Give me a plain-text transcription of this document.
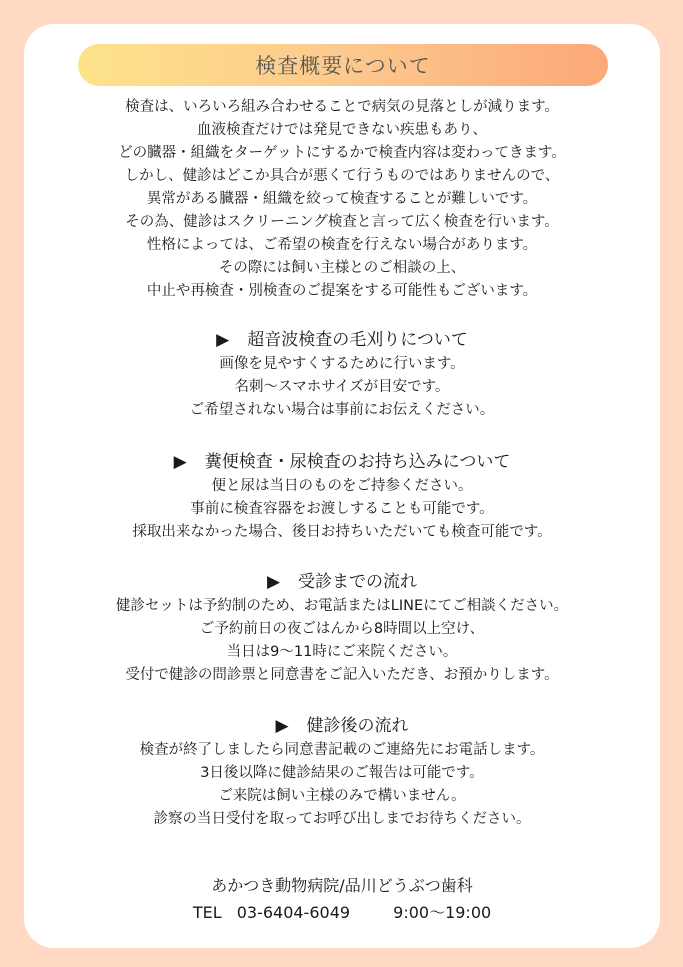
検査概要について
検査は、いろいろ組み合わせることで病気の見落としが減ります。
血液検査だけでは発見できない疾患もあり、
どの臓器・組織をターゲットにするかで検査内容は変わってきます。
しかし、健診はどこか具合が悪くて行うものではありませんので、
異常がある臓器・組織を絞って検査することが難しいです。
その為、健診はスクリーニング検査と言って広く検査を行います。
性格によっては、ご希望の検査を行えない場合があります。
その際には飼い主様とのご相談の上、
中止や再検査・別検査のご提案をする可能性もございます。
▶ 超音波検査の毛刈りについて
画像を見やすくするために行います。
名刺～スマホサイズが目安です。
ご希望されない場合は事前にお伝えください。
▶ 糞便検査・尿検査のお持ち込みについて
便と尿は当日のものをご持参ください。
事前に検査容器をお渡しすることも可能です。
採取出来なかった場合、後日お持ちいただいても検査可能です。
▶ 受診までの流れ
健診セットは予約制のため、お電話またはLINEにてご相談ください。
ご予約前日の夜ごはんから8時間以上空け、
当日は9～11時にご来院ください。
受付で健診の問診票と同意書をご記入いただき、お預かりします。
▶ 健診後の流れ
検査が終了しましたら同意書記載のご連絡先にお電話します。
3日後以降に健診結果のご報告は可能です。
ご来院は飼い主様のみで構いません。
診察の当日受付を取ってお呼び出しまでお待ちください。
あかつき動物病院/品川どうぶつ歯科
TEL 03-6404-6049	9:00～19:00
